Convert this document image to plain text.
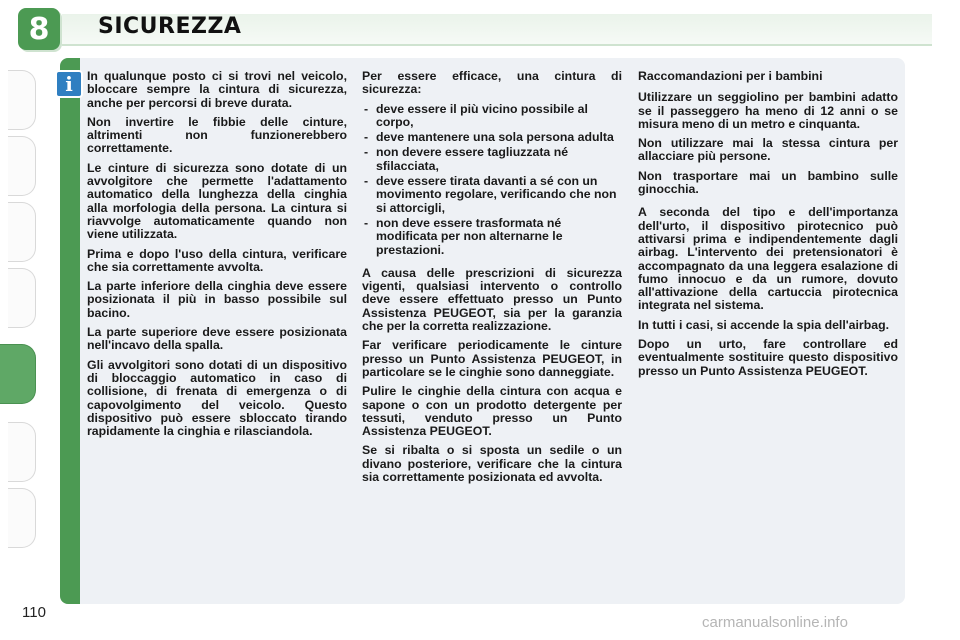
8	SICUREZZA
i	In qualunque posto ci si trovi nel veicolo, bloccare sempre la cintura di sicurezza, anche per percorsi di breve durata.

Non invertire le fibbie delle cinture, altrimenti non funzionerebbero correttamente.

Le cinture di sicurezza sono dotate di un avvolgitore che permette l'adattamento automatico della lunghezza della cinghia alla morfologia della persona. La cintura si riavvolge automaticamente quando non viene utilizzata.

Prima e dopo l'uso della cintura, verificare che sia correttamente avvolta.

La parte inferiore della cinghia deve essere posizionata il più in basso possibile sul bacino.

La parte superiore deve essere posizionata nell'incavo della spalla.

Gli avvolgitori sono dotati di un dispositivo di bloccaggio automatico in caso di collisione, di frenata di emergenza o di capovolgimento del veicolo. Questo dispositivo può essere sbloccato tirando rapidamente la cinghia e rilasciandola.

Per essere efficace, una cintura di sicurezza:

- deve essere il più vicino possibile al corpo,
- deve mantenere una sola persona adulta
- non devere essere tagliuzzata né sfilacciata,
- deve essere tirata davanti a sé con un movimento regolare, verificando che non si attorcigli,
- non deve essere trasformata né modificata per non alternarne le prestazioni.

A causa delle prescrizioni di sicurezza vigenti, qualsiasi intervento o controllo deve essere effettuato presso un Punto Assistenza PEUGEOT, sia per la garanzia che per la corretta realizzazione.

Far verificare periodicamente le cinture presso un Punto Assistenza PEUGEOT, in particolare se le cinghie sono danneggiate.

Pulire le cinghie della cintura con acqua e sapone o con un prodotto detergente per tessuti, venduto presso un Punto Assistenza PEUGEOT.

Se si ribalta o si sposta un sedile o un divano posteriore, verificare che la cintura sia correttamente posizionata ed avvolta.

Raccomandazioni per i bambini

Utilizzare un seggiolino per bambini adatto se il passeggero ha meno di 12 anni o se misura meno di un metro e cinquanta.

Non utilizzare mai la stessa cintura per allacciare più persone.

Non trasportare mai un bambino sulle ginocchia.

A seconda del tipo e dell'importanza dell'urto, il dispositivo pirotecnico può attivarsi prima e indipendentemente dagli airbag. L'intervento dei pretensionatori è accompagnato da una leggera esalazione di fumo innocuo e da un rumore, dovuto all'attivazione della cartuccia pirotecnica integrata nel sistema.

In tutti i casi, si accende la spia dell'airbag.

Dopo un urto, fare controllare ed eventualmente sostituire questo dispositivo presso un Punto Assistenza PEUGEOT.

110
carmanualsonline.info
